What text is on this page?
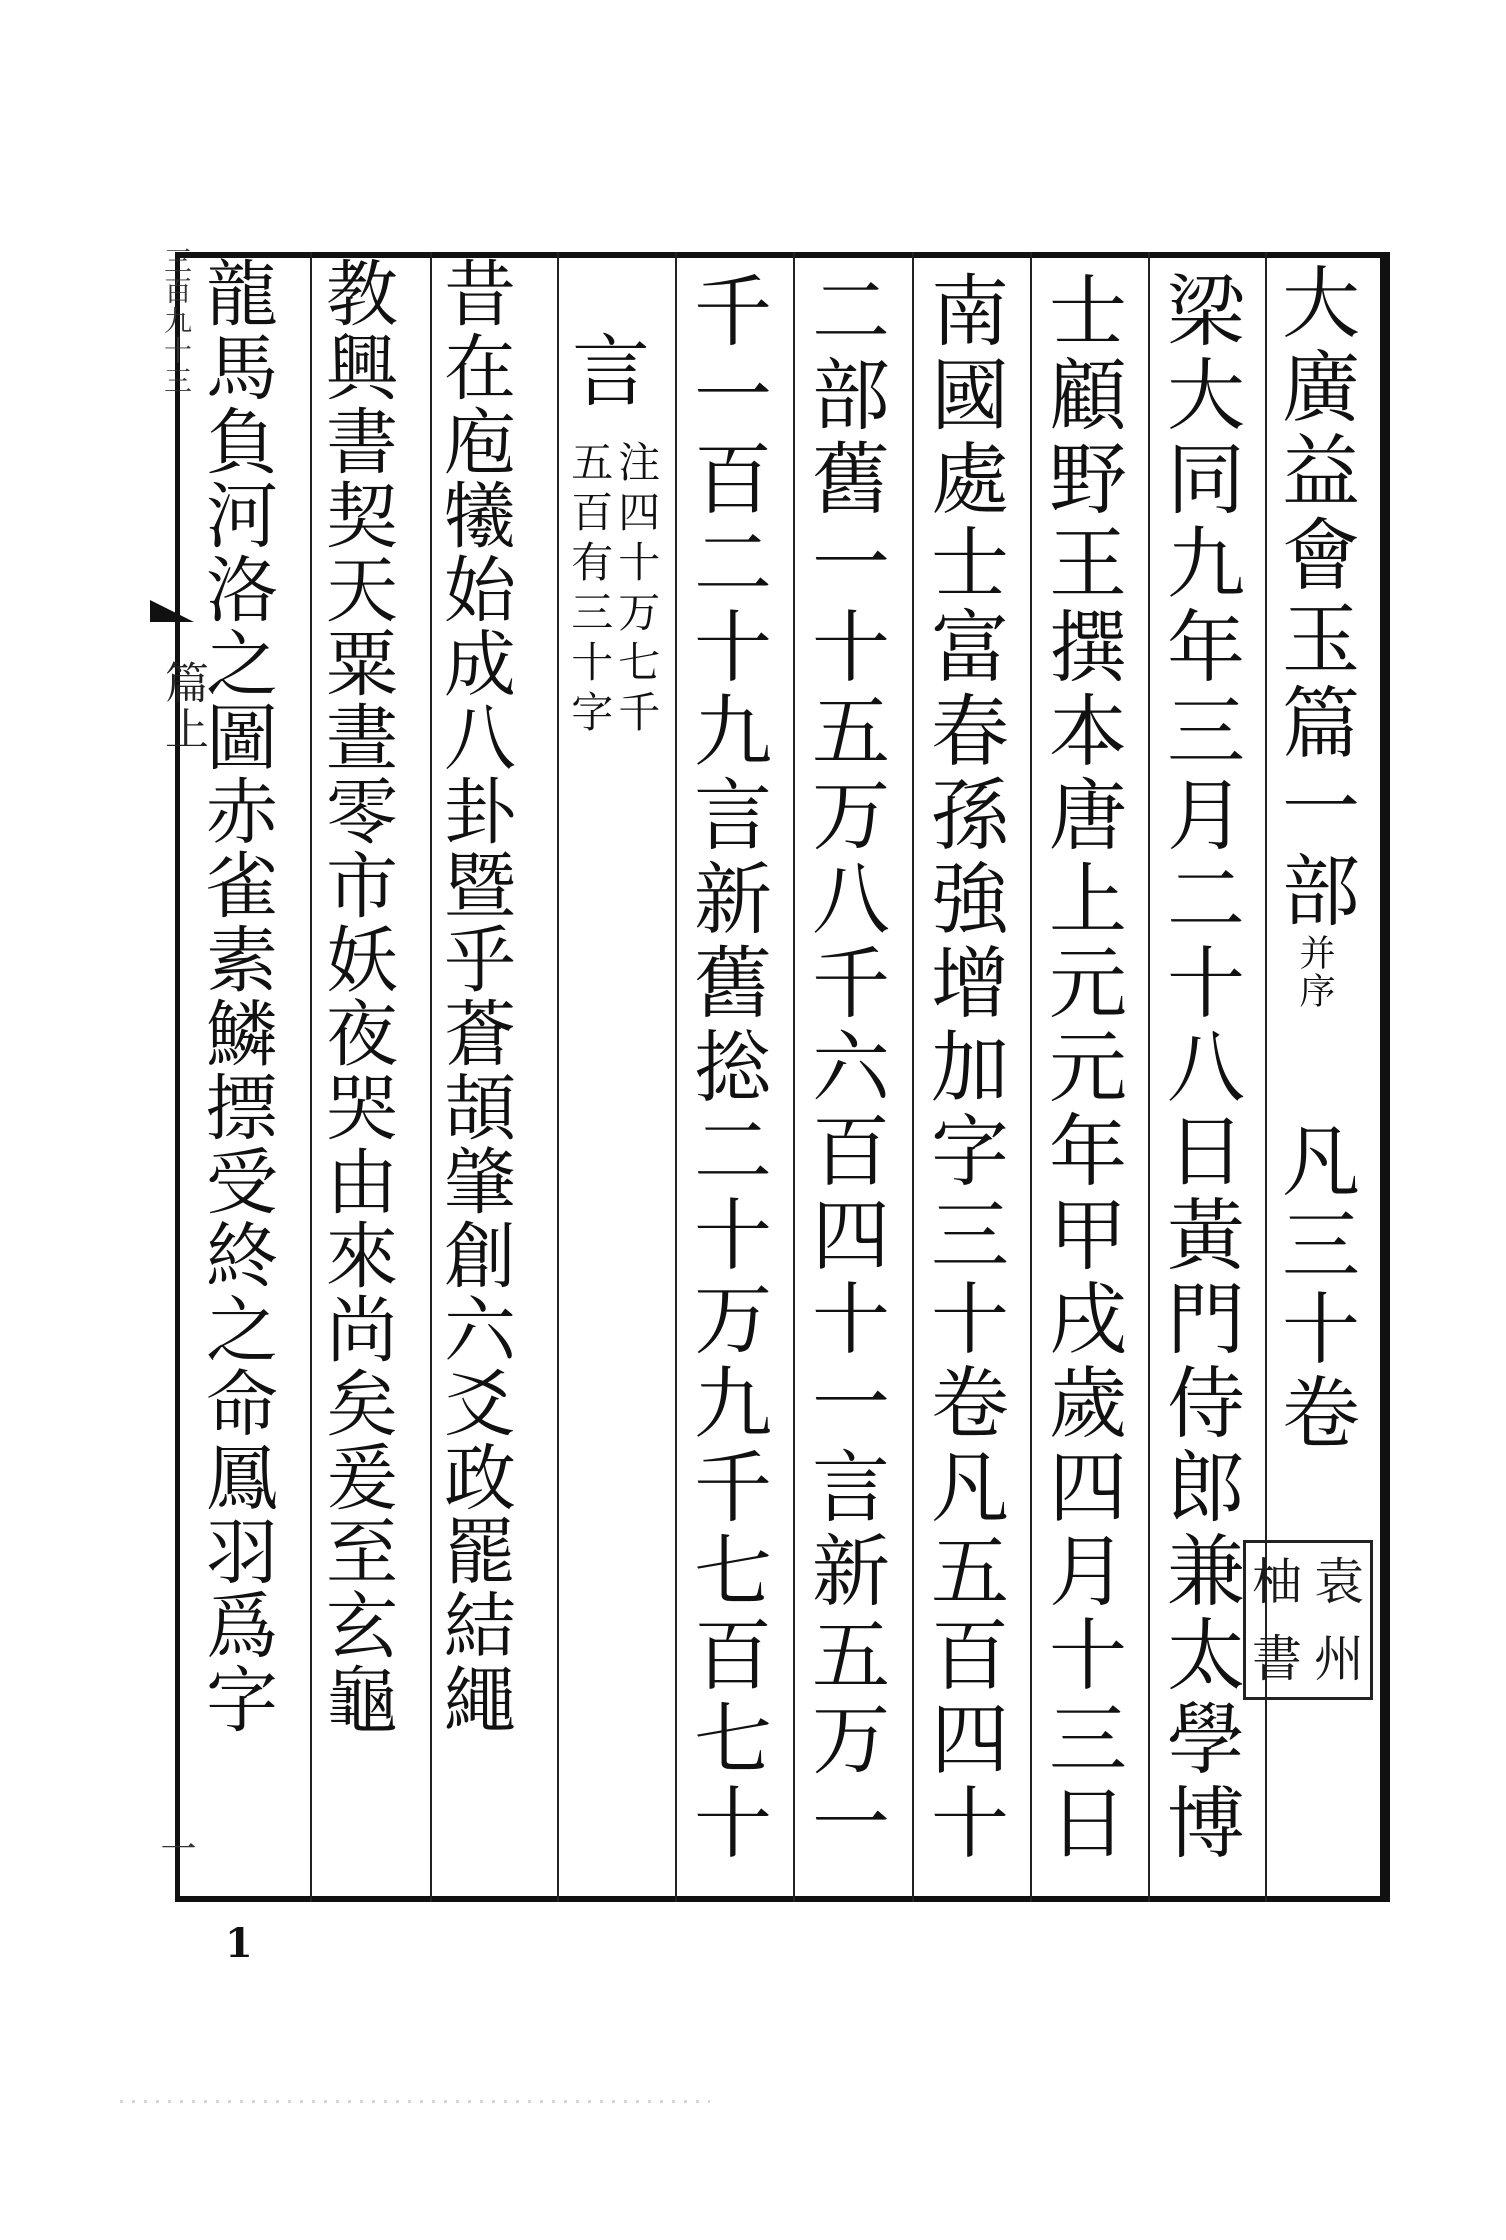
大廣益會玉篇一部并序凡三十卷
梁大同九年三月二十八日黃門侍郎兼太學博
士顧野王撰本唐上元元年甲戌歲四月十三日
南國處士富春孫強增加字三十卷凡五百四十
二部舊一十五万八千六百四十一言新五万一
千一百二十九言新舊捴二十万九千七百七十
言
注四十万七千
五百有三十字
昔在庖犧始成八卦暨乎蒼頡肇創六爻政罷結繩
教興書契天粟晝零市妖夜哭由來尚矣爰至玄龜
龍馬負河洛之圖赤雀素鱗摽受終之命鳳羽爲字
三百九十三
篇上
一
袁
柚
州
書
1
